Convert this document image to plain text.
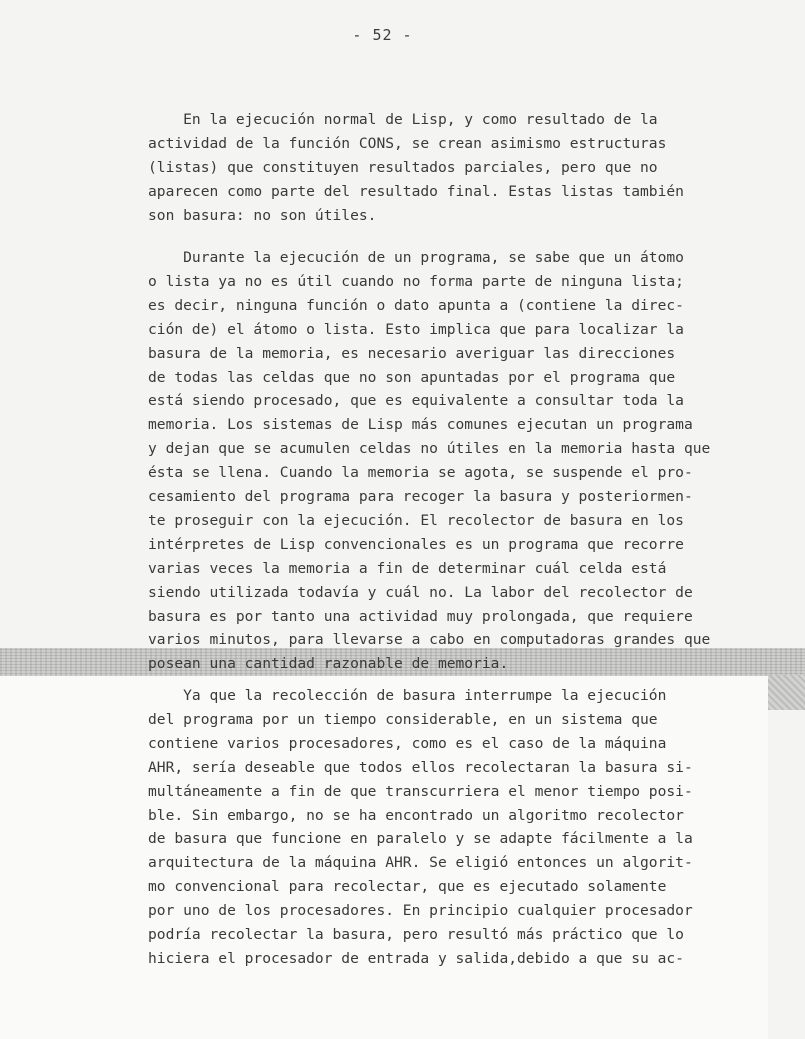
- 52 -
En la ejecución normal de Lisp, y como resultado de la
actividad de la función CONS, se crean asimismo estructuras
(listas) que constituyen resultados parciales, pero que no
aparecen como parte del resultado final. Estas listas también
son basura: no son útiles.
Durante la ejecución de un programa, se sabe que un átomo
o lista ya no es útil cuando no forma parte de ninguna lista;
es decir, ninguna función o dato apunta a (contiene la direc-
ción de) el átomo o lista. Esto implica que para localizar la
basura de la memoria, es necesario averiguar las direcciones
de todas las celdas que no son apuntadas por el programa que
está siendo procesado, que es equivalente a consultar toda la
memoria. Los sistemas de Lisp más comunes ejecutan un programa
y dejan que se acumulen celdas no útiles en la memoria hasta que
ésta se llena. Cuando la memoria se agota, se suspende el pro-
cesamiento del programa para recoger la basura y posteriormen-
te proseguir con la ejecución. El recolector de basura en los
intérpretes de Lisp convencionales es un programa que recorre
varias veces la memoria a fin de determinar cuál celda está
siendo utilizada todavía y cuál no. La labor del recolector de
basura es por tanto una actividad muy prolongada, que requiere
varios minutos, para llevarse a cabo en computadoras grandes que
posean una cantidad razonable de memoria.
Ya que la recolección de basura interrumpe la ejecución
del programa por un tiempo considerable, en un sistema que
contiene varios procesadores, como es el caso de la máquina
AHR, sería deseable que todos ellos recolectaran la basura si-
multáneamente a fin de que transcurriera el menor tiempo posi-
ble. Sin embargo, no se ha encontrado un algoritmo recolector
de basura que funcione en paralelo y se adapte fácilmente a la
arquitectura de la máquina AHR. Se eligió entonces un algorit-
mo convencional para recolectar, que es ejecutado solamente
por uno de los procesadores. En principio cualquier procesador
podría recolectar la basura, pero resultó más práctico que lo
hiciera el procesador de entrada y salida,debido a que su ac-
